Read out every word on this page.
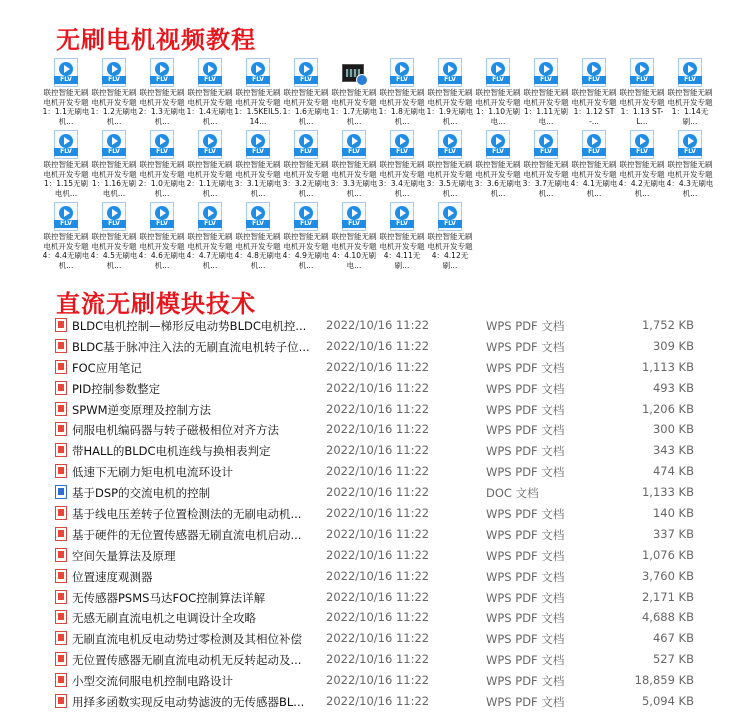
无刷电机视频教程
FLV
联控智能无刷电机开发专题1：1.1无刷电机...
FLV
联控智能无刷电机开发专题1：1.2无刷电机...
FLV
联控智能无刷电机开发专题2：1.3无刷电机...
FLV
联控智能无刷电机开发专题1：1.4无刷电机...
FLV
联控智能无刷电机开发专题1：1.5KEIL5.14...
FLV
联控智能无刷电机开发专题1：1.6无刷电机...
联控智能无刷电机开发专题1：1.7无刷电机...
FLV
联控智能无刷电机开发专题1：1.8无刷电机...
FLV
联控智能无刷电机开发专题1：1.9无刷电机...
FLV
联控智能无刷电机开发专题1：1.10无刷电...
FLV
联控智能无刷电机开发专题1：1.11无刷电...
FLV
联控智能无刷电机开发专题1：1.12 ST-...
FLV
联控智能无刷电机开发专题1：1.13 ST-L...
FLV
联控智能无刷电机开发专题1：1.14无刷...
FLV
联控智能无刷电机开发专题1：1.15无刷电机...
FLV
联控智能无刷电机开发专题1：1.16无刷电机...
FLV
联控智能无刷电机开发专题2：1.0无刷电机...
FLV
联控智能无刷电机开发专题2：1.1无刷电机...
FLV
联控智能无刷电机开发专题3：3.1无刷电机...
FLV
联控智能无刷电机开发专题3：3.2无刷电机...
FLV
联控智能无刷电机开发专题3：3.3无刷电机...
FLV
联控智能无刷电机开发专题3：3.4无刷电机...
FLV
联控智能无刷电机开发专题3：3.5无刷电机...
FLV
联控智能无刷电机开发专题3：3.6无刷电机...
FLV
联控智能无刷电机开发专题3：3.7无刷电机...
FLV
联控智能无刷电机开发专题4：4.1无刷电机...
FLV
联控智能无刷电机开发专题4：4.2无刷电机...
FLV
联控智能无刷电机开发专题4：4.3无刷电机...
FLV
联控智能无刷电机开发专题4：4.4无刷电机...
FLV
联控智能无刷电机开发专题4：4.5无刷电机...
FLV
联控智能无刷电机开发专题4：4.6无刷电机...
FLV
联控智能无刷电机开发专题4：4.7无刷电机...
FLV
联控智能无刷电机开发专题4：4.8无刷电机...
FLV
联控智能无刷电机开发专题4：4.9无刷电机...
FLV
联控智能无刷电机开发专题4：4.10无刷电...
FLV
联控智能无刷电机开发专题4：4.11无刷...
FLV
联控智能无刷电机开发专题4：4.12无刷...
直流无刷模块技术
BLDC电机控制—梯形反电动势BLDC电机控...	2022/10/16 11:22	WPS PDF 文档	1,752 KB
BLDC基于脉冲注入法的无刷直流电机转子位...	2022/10/16 11:22	WPS PDF 文档	309 KB
FOC应用笔记	2022/10/16 11:22	WPS PDF 文档	1,113 KB
PID控制参数整定	2022/10/16 11:22	WPS PDF 文档	493 KB
SPWM逆变原理及控制方法	2022/10/16 11:22	WPS PDF 文档	1,206 KB
伺服电机编码器与转子磁极相位对齐方法	2022/10/16 11:22	WPS PDF 文档	300 KB
带HALL的BLDC电机连线与换相表判定	2022/10/16 11:22	WPS PDF 文档	343 KB
低速下无刷力矩电机电流环设计	2022/10/16 11:22	WPS PDF 文档	474 KB
基于DSP的交流电机的控制	2022/10/16 11:22	DOC 文档	1,133 KB
基于线电压差转子位置检测法的无刷电动机...	2022/10/16 11:22	WPS PDF 文档	140 KB
基于硬件的无位置传感器无刷直流电机启动...	2022/10/16 11:22	WPS PDF 文档	337 KB
空间矢量算法及原理	2022/10/16 11:22	WPS PDF 文档	1,076 KB
位置速度观测器	2022/10/16 11:22	WPS PDF 文档	3,760 KB
无传感器PSMS马达FOC控制算法详解	2022/10/16 11:22	WPS PDF 文档	2,171 KB
无感无刷直流电机之电调设计全攻略	2022/10/16 11:22	WPS PDF 文档	4,688 KB
无刷直流电机反电动势过零检测及其相位补偿	2022/10/16 11:22	WPS PDF 文档	467 KB
无位置传感器无刷直流电动机无反转起动及...	2022/10/16 11:22	WPS PDF 文档	527 KB
小型交流伺服电机控制电路设计	2022/10/16 11:22	WPS PDF 文档	18,859 KB
用择多函数实现反电动势滤波的无传感器BL...	2022/10/16 11:22	WPS PDF 文档	5,094 KB
